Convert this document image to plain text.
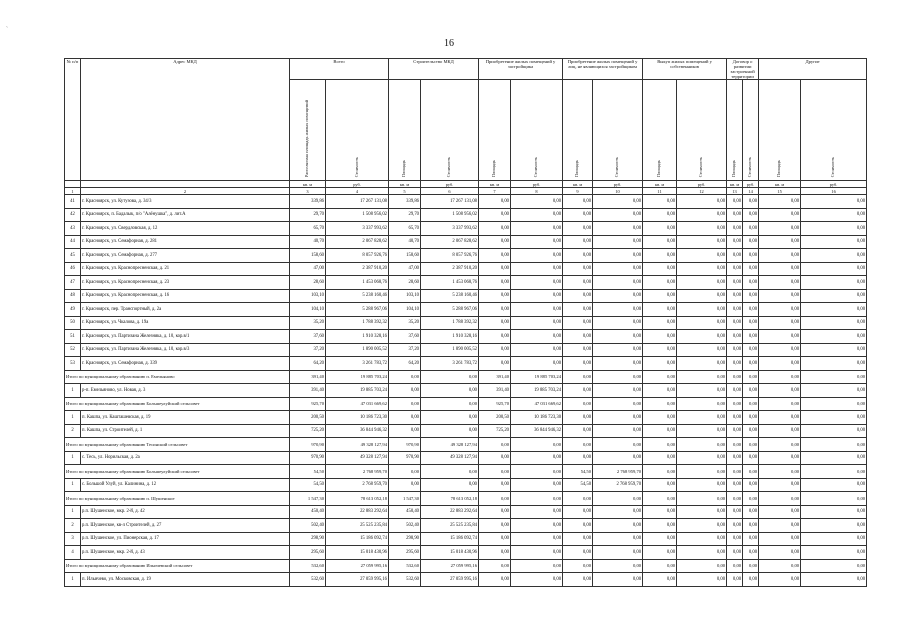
ˏ
16
№ п/п	Адрес МКД	Всего		Строительство МКД		Приобретение жилых помещений у застройщика		Приобретение жилых помещений у лиц, не являющихся застройщиком		Выкуп жилых помещений у собственников		Договор о развитии застроенной территории		Другие	
		Расселяемая площадь жилых помещений	Стоимость	Площадь	Стоимость	Площадь	Стоимость	Площадь	Стоимость	Площадь	Стоимость	Площадь	Стоимость	Площадь	Стоимость
		кв. м	руб.	кв. м	руб.	кв. м	руб.	кв. м	руб.	кв. м	руб.	кв. м	руб.	кв. м	руб.
1	2	3	4	5	6	7	8	9	10	11	12	13	14	15	16
41	г. Красноярск, ул. Кутузова, д. 34/3	339,86	17 267 131,08	339,86	17 267 131,08	0,00	0,00	0,00	0,00	0,00	0,00	0,00	0,00	0,00	0,00
42	г. Красноярск, п. Бадалык, п/о "Алёнушка", д. лит.А	29,70	1 508 956,02	29,70	1 508 956,02	0,00	0,00	0,00	0,00	0,00	0,00	0,00	0,00	0,00	0,00
43	г. Красноярск, ул. Свердловская, д. 12	65,70	3 337 993,62	65,70	3 337 993,62	0,00	0,00	0,00	0,00	0,00	0,00	0,00	0,00	0,00	0,00
44	г. Красноярск, ул. Семафорная, д. 281	40,70	2 067 828,62	40,70	2 067 828,62	0,00	0,00	0,00	0,00	0,00	0,00	0,00	0,00	0,00	0,00
45	г. Красноярск, ул. Семафорная, д. 277	158,60	8 057 926,76	158,60	8 057 926,76	0,00	0,00	0,00	0,00	0,00	0,00	0,00	0,00	0,00	0,00
46	г. Красноярск, ул. Краснопресненская, д. 21	47,00	2 387 910,20	47,00	2 387 910,20	0,00	0,00	0,00	0,00	0,00	0,00	0,00	0,00	0,00	0,00
47	г. Красноярск, ул. Краснопресненская, д. 23	28,60	1 453 068,76	28,60	1 453 068,76	0,00	0,00	0,00	0,00	0,00	0,00	0,00	0,00	0,00	0,00
48	г. Красноярск, ул. Краснопресненская, д. 16	103,10	5 238 160,46	103,10	5 238 160,46	0,00	0,00	0,00	0,00	0,00	0,00	0,00	0,00	0,00	0,00
49	г. Красноярск, пер. Транспортный, д. 2а	104,10	5 288 967,06	104,10	5 288 967,06	0,00	0,00	0,00	0,00	0,00	0,00	0,00	0,00	0,00	0,00
50	г. Красноярск, ул. Чкалова, д. 19а	35,20	1 788 392,32	35,20	1 788 392,32	0,00	0,00	0,00	0,00	0,00	0,00	0,00	0,00	0,00	0,00
51	г. Красноярск, ул. Партизана Железняка, д. 10, кор.в/1	37,60	1 910 328,16	37,60	1 910 328,16	0,00	0,00	0,00	0,00	0,00	0,00	0,00	0,00	0,00	0,00
52	г. Красноярск, ул. Партизана Железняка, д. 10, кор.в/3	37,20	1 890 005,52	37,20	1 890 005,52	0,00	0,00	0,00	0,00	0,00	0,00	0,00	0,00	0,00	0,00
53	г. Красноярск, ул. Семафорная, д. 339	64,20	3 261 783,72	64,20	3 261 783,72	0,00	0,00	0,00	0,00	0,00	0,00	0,00	0,00	0,00	0,00
Итого по муниципальному образованию п. Емельяново		391,40	19 885 703,24	0,00	0,00	391,40	19 885 703,24	0,00	0,00	0,00	0,00	0,00	0,00	0,00	0,00
1	р-п. Емельяново, ул. Новая, д. 3	391,40	19 885 703,24	0,00	0,00	391,40	19 885 703,24	0,00	0,00	0,00	0,00	0,00	0,00	0,00	0,00
Итого по муниципальному образованию Большеулуйский сельсовет		925,70	47 031 669,62	0,00	0,00	925,70	47 031 669,62	0,00	0,00	0,00	0,00	0,00	0,00	0,00	0,00
1	п. Кашпа, ул. Кашташевская, д. 19	200,50	10 186 723,30	0,00	0,00	200,50	10 186 723,30	0,00	0,00	0,00	0,00	0,00	0,00	0,00	0,00
2	п. Кашпа, ул. Строителей, д. 1	725,20	36 844 946,32	0,00	0,00	725,20	36 844 946,32	0,00	0,00	0,00	0,00	0,00	0,00	0,00	0,00
Итого по муниципальному образованию Тесинский сельсовет		970,90	49 328 127,94	970,90	49 328 127,94	0,00	0,00	0,00	0,00	0,00	0,00	0,00	0,00	0,00	0,00
1	с. Тесь, ул. Норильская, д. 2а	970,90	49 328 127,94	970,90	49 328 127,94	0,00	0,00	0,00	0,00	0,00	0,00	0,00	0,00	0,00	0,00
Итого по муниципальному образованию Большеулуйский сельсовет		54,50	2 768 959,70	0,00	0,00	0,00	0,00	54,50	2 768 959,70	0,00	0,00	0,00	0,00	0,00	0,00
1	с. Большой Улуй, ул. Калинина, д. 12	54,50	2 768 959,70	0,00	0,00	0,00	0,00	54,50	2 768 959,70	0,00	0,00	0,00	0,00	0,00	0,00
Итого по муниципальному образованию п. Шушенское		1 547,30	78 613 052,18	1 547,30	78 613 052,18	0,00	0,00	0,00	0,00	0,00	0,00	0,00	0,00	0,00	0,00
1	р.п. Шушенское, мкр. 2-й, д. 42	450,40	22 883 292,64	450,40	22 883 292,64	0,00	0,00	0,00	0,00	0,00	0,00	0,00	0,00	0,00	0,00
2	р.п. Шушенское, кв-л Строителей, д. 27	502,40	25 525 235,84	502,40	25 525 235,84	0,00	0,00	0,00	0,00	0,00	0,00	0,00	0,00	0,00	0,00
3	р.п. Шушенское, ул. Пионерская, д. 17	298,90	15 186 092,74	298,90	15 186 092,74	0,00	0,00	0,00	0,00	0,00	0,00	0,00	0,00	0,00	0,00
4	р.п. Шушенское, мкр. 2-й, д. 43	295,60	15 018 430,96	295,60	15 018 430,96	0,00	0,00	0,00	0,00	0,00	0,00	0,00	0,00	0,00	0,00
Итого по муниципальному образованию Ильичевский сельсовет		532,60	27 059 995,16	532,60	27 059 995,16	0,00	0,00	0,00	0,00	0,00	0,00	0,00	0,00	0,00	0,00
1	п. Ильичево, ул. Московская, д. 19	532,60	27 059 995,16	532,60	27 059 995,16	0,00	0,00	0,00	0,00	0,00	0,00	0,00	0,00	0,00	0,00
